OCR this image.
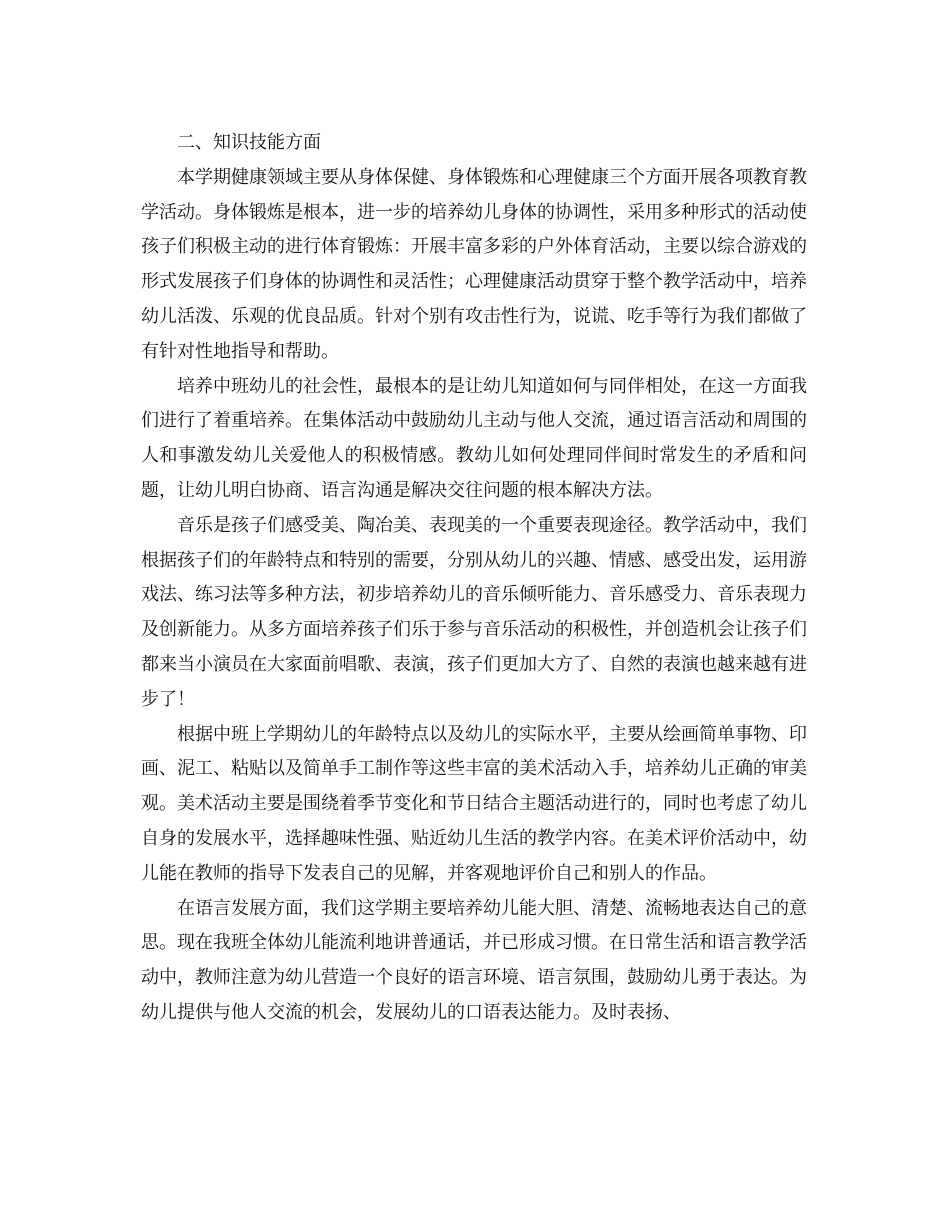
二、知识技能方面

本学期健康领域主要从身体保健、身体锻炼和心理健康三个方面开展各项教育教学活动。身体锻炼是根本，进一步的培养幼儿身体的协调性，采用多种形式的活动使孩子们积极主动的进行体育锻炼：开展丰富多彩的户外体育活动，主要以综合游戏的形式发展孩子们身体的协调性和灵活性；心理健康活动贯穿于整个教学活动中，培养幼儿活泼、乐观的优良品质。针对个别有攻击性行为，说谎、吃手等行为我们都做了有针对性地指导和帮助。

培养中班幼儿的社会性，最根本的是让幼儿知道如何与同伴相处，在这一方面我们进行了着重培养。在集体活动中鼓励幼儿主动与他人交流，通过语言活动和周围的人和事激发幼儿关爱他人的积极情感。教幼儿如何处理同伴间时常发生的矛盾和问题，让幼儿明白协商、语言沟通是解决交往问题的根本解决方法。

音乐是孩子们感受美、陶冶美、表现美的一个重要表现途径。教学活动中，我们根据孩子们的年龄特点和特别的需要，分别从幼儿的兴趣、情感、感受出发，运用游戏法、练习法等多种方法，初步培养幼儿的音乐倾听能力、音乐感受力、音乐表现力及创新能力。从多方面培养孩子们乐于参与音乐活动的积极性，并创造机会让孩子们都来当小演员在大家面前唱歌、表演，孩子们更加大方了、自然的表演也越来越有进步了！

根据中班上学期幼儿的年龄特点以及幼儿的实际水平，主要从绘画简单事物、印画、泥工、粘贴以及简单手工制作等这些丰富的美术活动入手，培养幼儿正确的审美观。美术活动主要是围绕着季节变化和节日结合主题活动进行的，同时也考虑了幼儿自身的发展水平，选择趣味性强、贴近幼儿生活的教学内容。在美术评价活动中，幼儿能在教师的指导下发表自己的见解，并客观地评价自己和别人的作品。

在语言发展方面，我们这学期主要培养幼儿能大胆、清楚、流畅地表达自己的意思。现在我班全体幼儿能流利地讲普通话，并已形成习惯。在日常生活和语言教学活动中，教师注意为幼儿营造一个良好的语言环境、语言氛围，鼓励幼儿勇于表达。为幼儿提供与他人交流的机会，发展幼儿的口语表达能力。及时表扬、
